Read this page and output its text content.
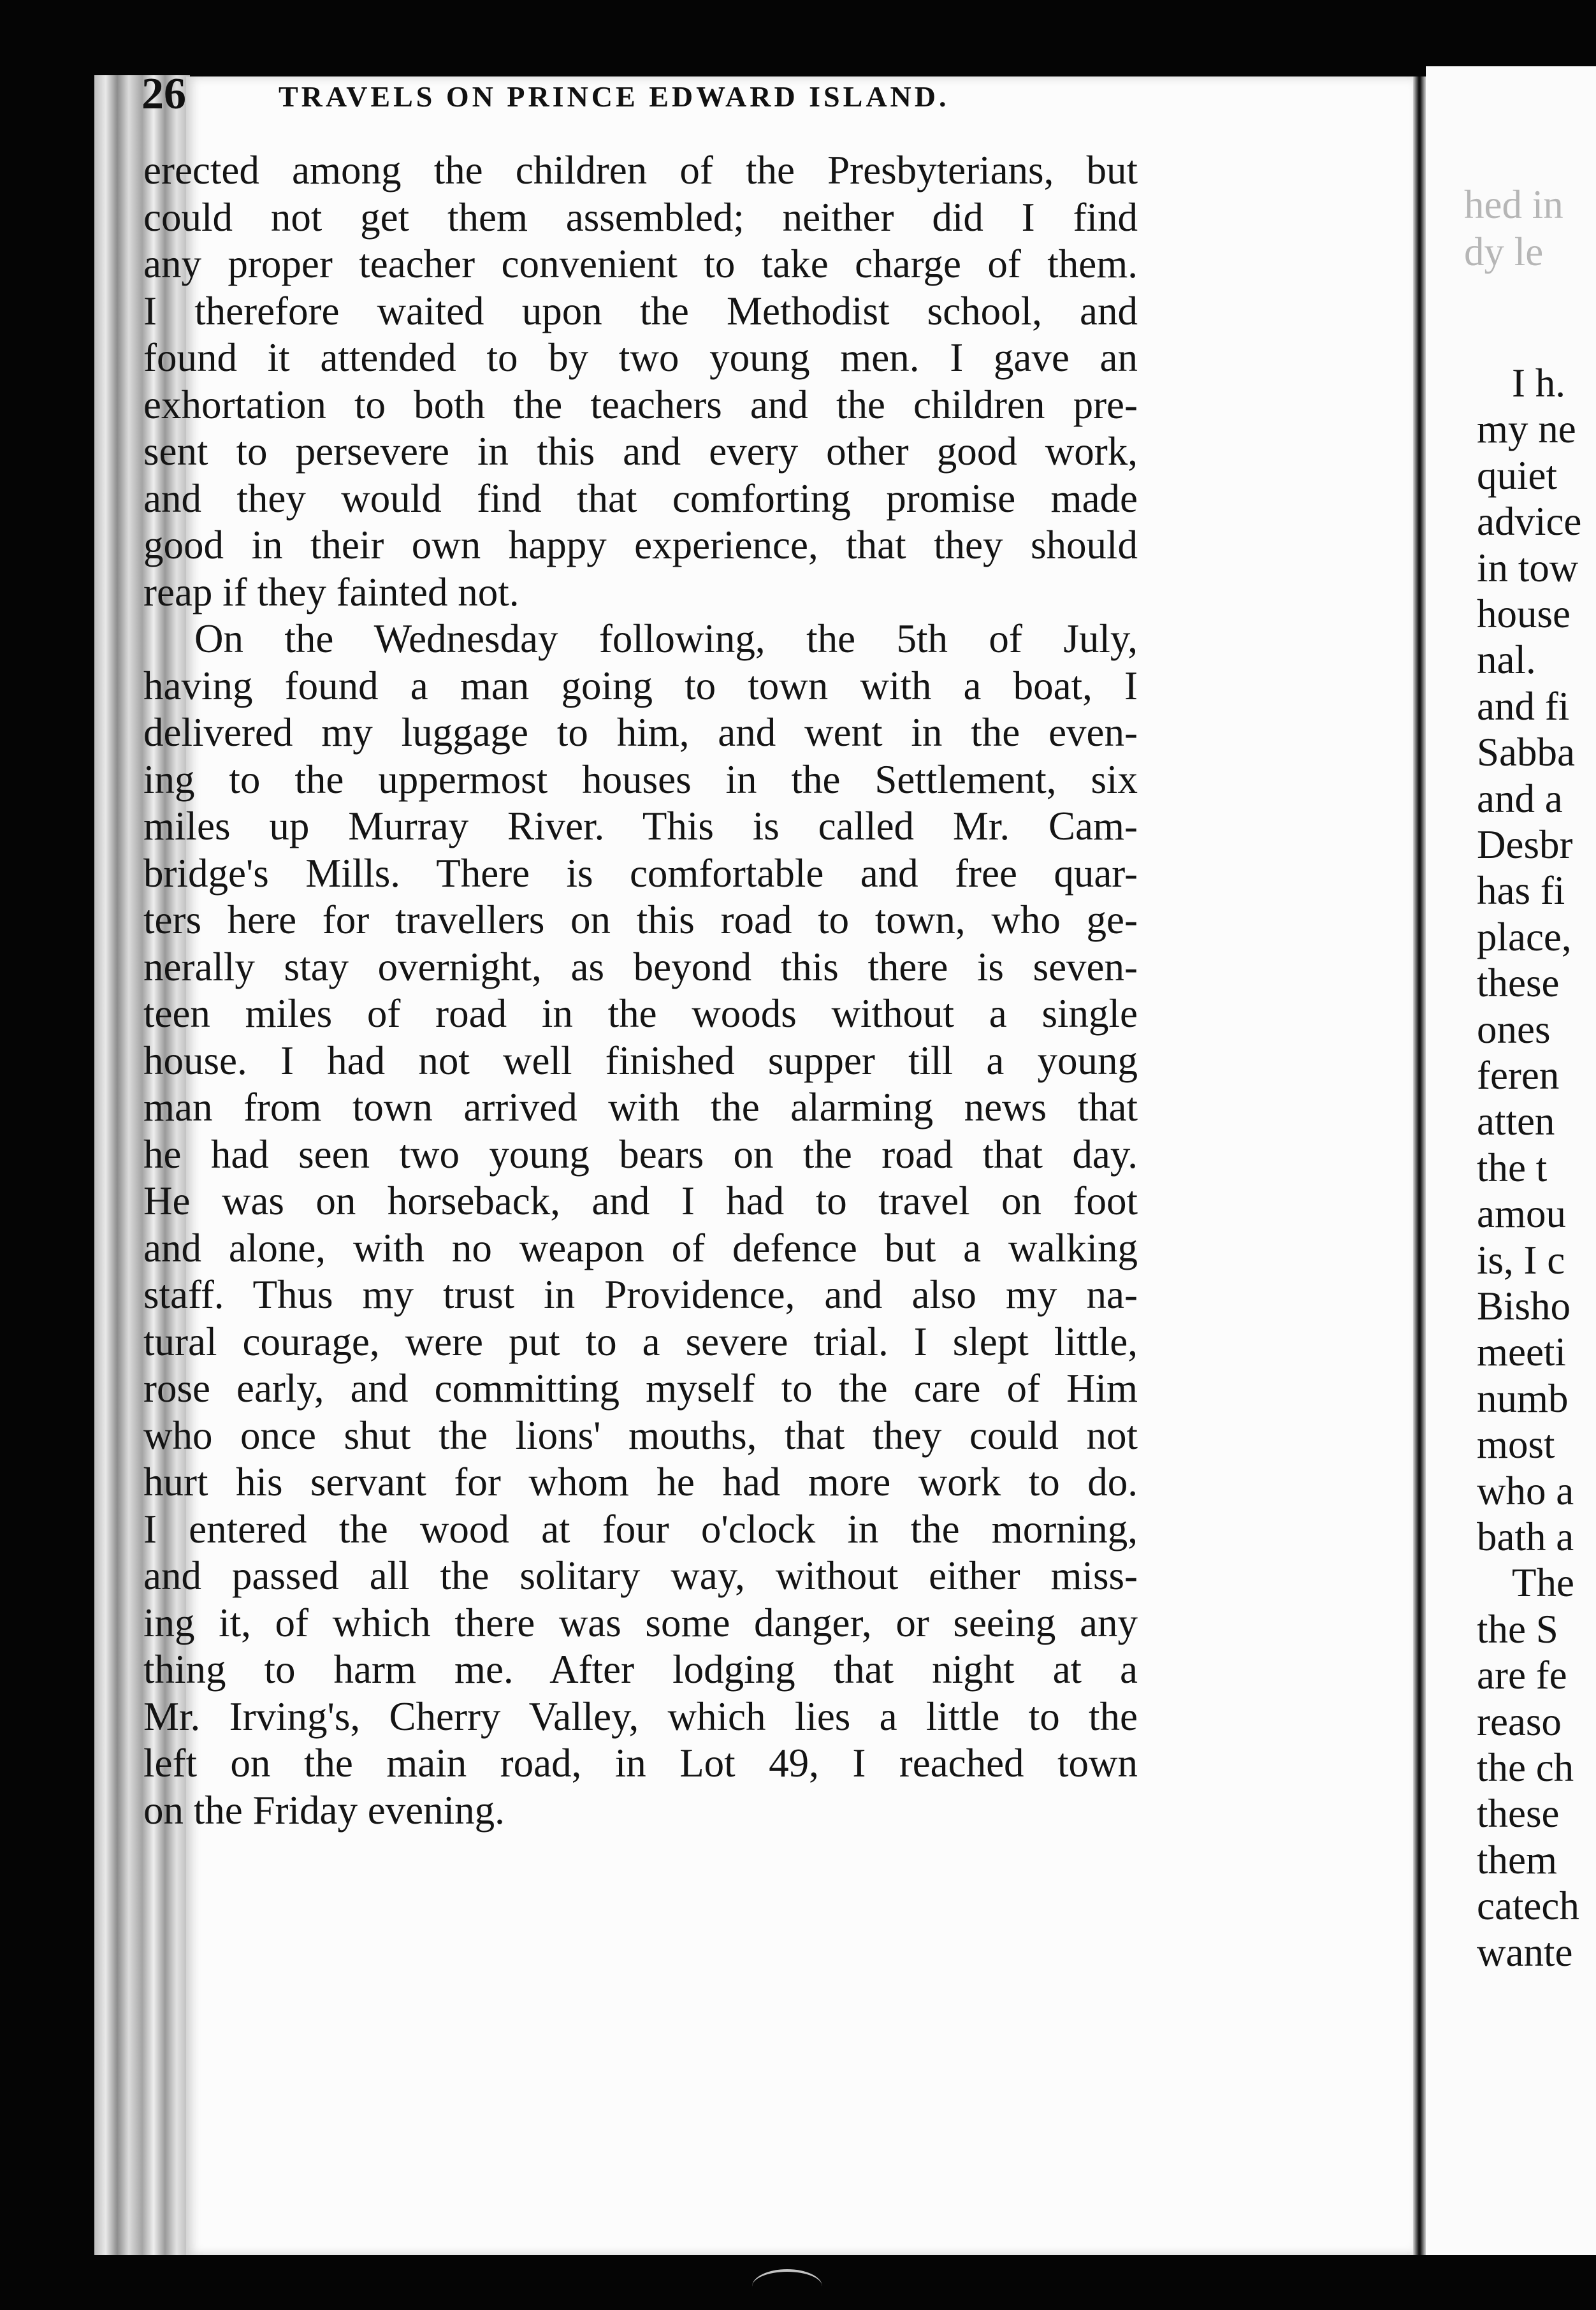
26	TRAVELS ON PRINCE EDWARD ISLAND.
erected among the children of the Presbyterians, but
could not get them assembled; neither did I find
any proper teacher convenient to take charge of them.
I therefore waited upon the Methodist school, and
found it attended to by two young men. I gave an
exhortation to both the teachers and the children pre-
sent to persevere in this and every other good work,
and they would find that comforting promise made
good in their own happy experience, that they should
reap if they fainted not.
On the Wednesday following, the 5th of July,
having found a man going to town with a boat, I
delivered my luggage to him, and went in the even-
ing to the uppermost houses in the Settlement, six
miles up Murray River. This is called Mr. Cam-
bridge's Mills. There is comfortable and free quar-
ters here for travellers on this road to town, who ge-
nerally stay overnight, as beyond this there is seven-
teen miles of road in the woods without a single
house. I had not well finished supper till a young
man from town arrived with the alarming news that
he had seen two young bears on the road that day.
He was on horseback, and I had to travel on foot
and alone, with no weapon of defence but a walking
staff. Thus my trust in Providence, and also my na-
tural courage, were put to a severe trial. I slept little,
rose early, and committing myself to the care of Him
who once shut the lions' mouths, that they could not
hurt his servant for whom he had more work to do.
I entered the wood at four o'clock in the morning,
and passed all the solitary way, without either miss-
ing it, of which there was some danger, or seeing any
thing to harm me. After lodging that night at a
Mr. Irving's, Cherry Valley, which lies a little to the
left on the main road, in Lot 49, I reached town
on the Friday evening.
hed in
dy le
I h.
my ne
quiet
advice
in tow
house
nal.
and fi
Sabba
and a
Desbr
has fi
place,
these
ones
feren
atten
the t
amou
is, I c
Bisho
meeti
numb
most
who a
bath a
The
the S
are fe
reaso
the ch
these
them
catech
wante
